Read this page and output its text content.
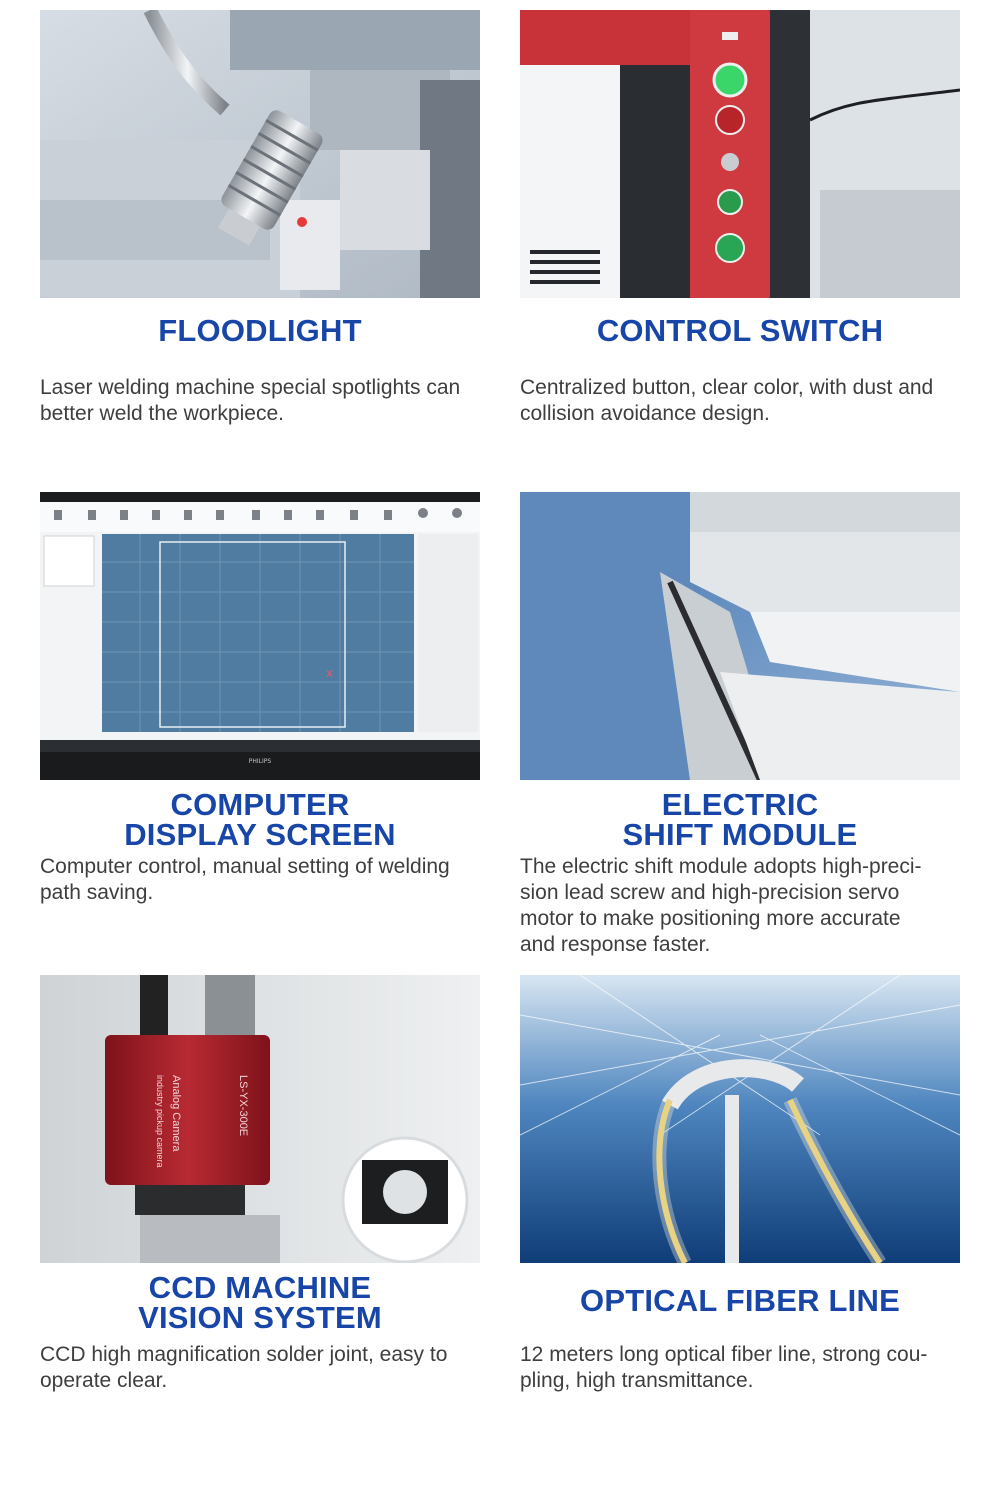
FLOODLIGHT
Laser welding machine special spotlights can
better weld the workpiece.
CONTROL SWITCH
Centralized button, clear color, with dust and
collision avoidance design.
x
PHILIPS
COMPUTER
DISPLAY SCREEN
Computer control, manual setting of welding
path saving.
ELECTRIC
SHIFT MODULE
The electric shift module adopts high-preci-
sion lead screw and high-precision servo
motor to make positioning more accurate
and response faster.
Analog Camera
industry pickup camera	LS-YX-300E
CCD MACHINE
VISION SYSTEM
CCD high magnification solder joint, easy to
operate clear.
OPTICAL FIBER LINE
12 meters long optical fiber line, strong cou-
pling, high transmittance.
